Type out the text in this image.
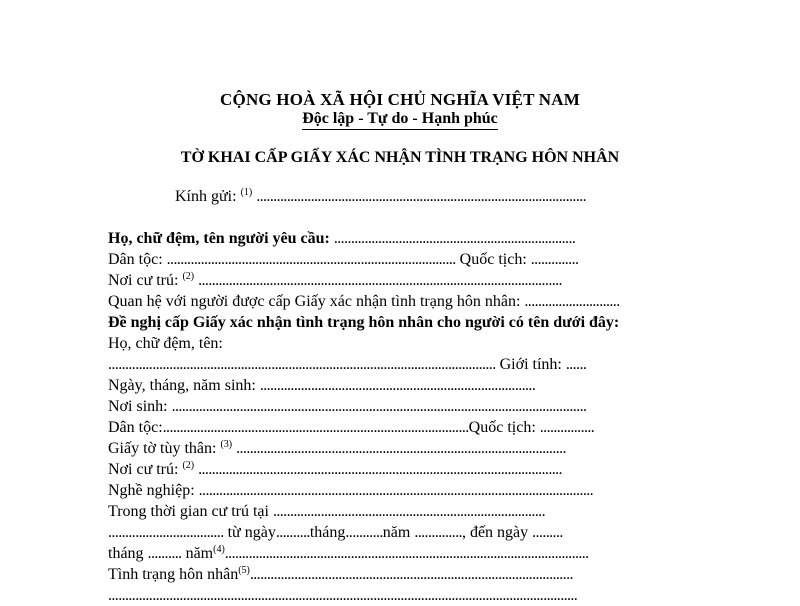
CỘNG HOÀ XÃ HỘI CHỦ NGHĨA VIỆT NAM
Độc lập - Tự do - Hạnh phúc
TỜ KHAI CẤP GIẤY XÁC NHẬN TÌNH TRẠNG HÔN NHÂN
Kính gửi: $^{(1)}$ .................................................................................................
Họ, chữ đệm, tên người yêu cầu: .......................................................................
Dân tộc: ..................................................................................... Quốc tịch: ..............
Nơi cư trú: $^{(2)}$ ...........................................................................................................
Quan hệ với người được cấp Giấy xác nhận tình trạng hôn nhân: ............................
Đề nghị cấp Giấy xác nhận tình trạng hôn nhân cho người có tên dưới đây:
Họ, chữ đệm, tên:
.................................................................................................................. Giới tính: ......
Ngày, tháng, năm sinh: .................................................................................
Nơi sinh: ..........................................................................................................................
Dân tộc:..........................................................................................Quốc tịch: ................
Giấy tờ tùy thân: $^{(3)}$ .................................................................................................
Nơi cư trú: $^{(2)}$ ...........................................................................................................
Nghề nghiệp: ....................................................................................................................
Trong thời gian cư trú tại ................................................................................
.................................. từ ngày..........tháng...........năm .............., đến ngày .........
tháng .......... năm$^{(4)}$...........................................................................................................
Tình trạng hôn nhân$^{(5)}$...............................................................................................
..........................................................................................................................................
